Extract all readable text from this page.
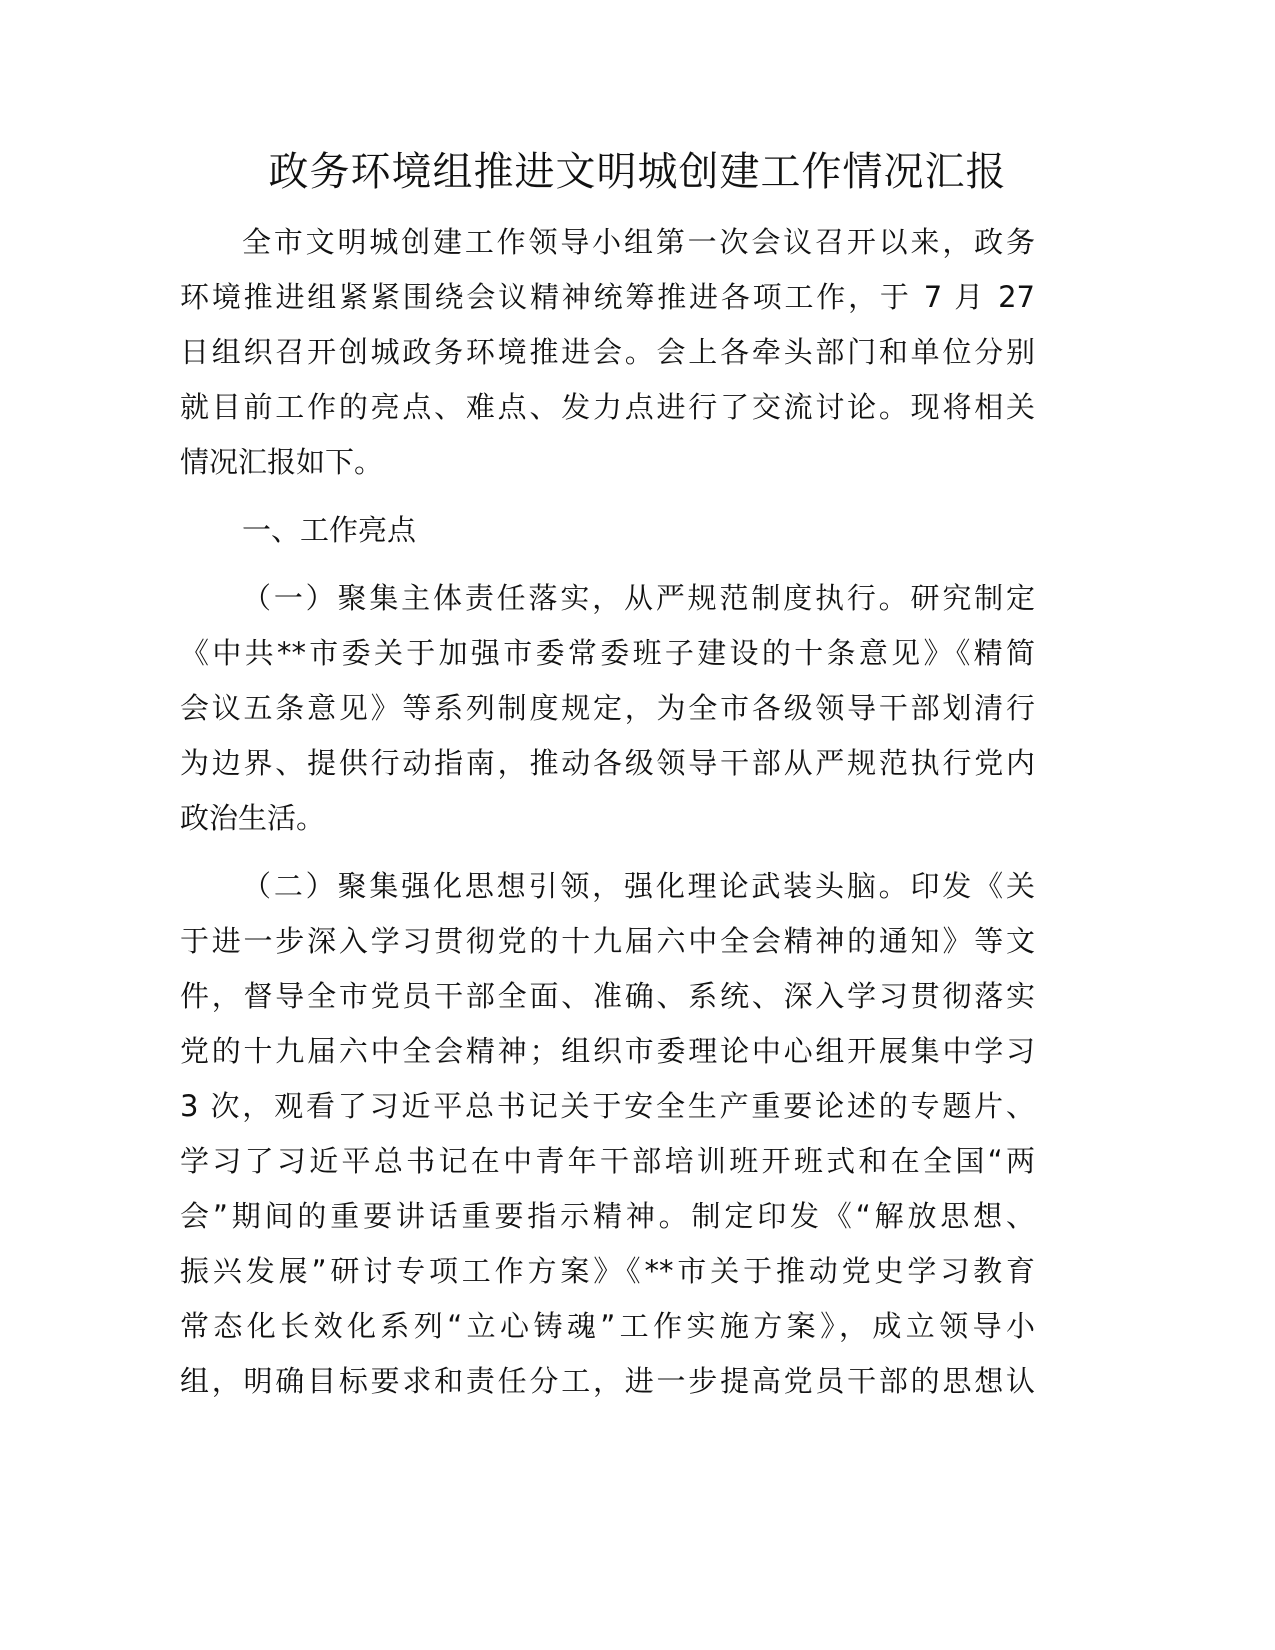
政务环境组推进文明城创建工作情况汇报
全市文明城创建工作领导小组第一次会议召开以来，政务
环境推进组紧紧围绕会议精神统筹推进各项工作，于 7 月 27
日组织召开创城政务环境推进会。会上各牵头部门和单位分别
就目前工作的亮点、难点、发力点进行了交流讨论。现将相关
情况汇报如下。
一、工作亮点
（一）聚集主体责任落实，从严规范制度执行。研究制定
《中共**市委关于加强市委常委班子建设的十条意见》《精简
会议五条意见》等系列制度规定，为全市各级领导干部划清行
为边界、提供行动指南，推动各级领导干部从严规范执行党内
政治生活。
（二）聚集强化思想引领，强化理论武装头脑。印发《关
于进一步深入学习贯彻党的十九届六中全会精神的通知》等文
件，督导全市党员干部全面、准确、系统、深入学习贯彻落实
党的十九届六中全会精神；组织市委理论中心组开展集中学习
3 次，观看了习近平总书记关于安全生产重要论述的专题片、
学习了习近平总书记在中青年干部培训班开班式和在全国“两
会”期间的重要讲话重要指示精神。制定印发《“解放思想、
振兴发展”研讨专项工作方案》《**市关于推动党史学习教育
常态化长效化系列“立心铸魂”工作实施方案》，成立领导小
组，明确目标要求和责任分工，进一步提高党员干部的思想认
